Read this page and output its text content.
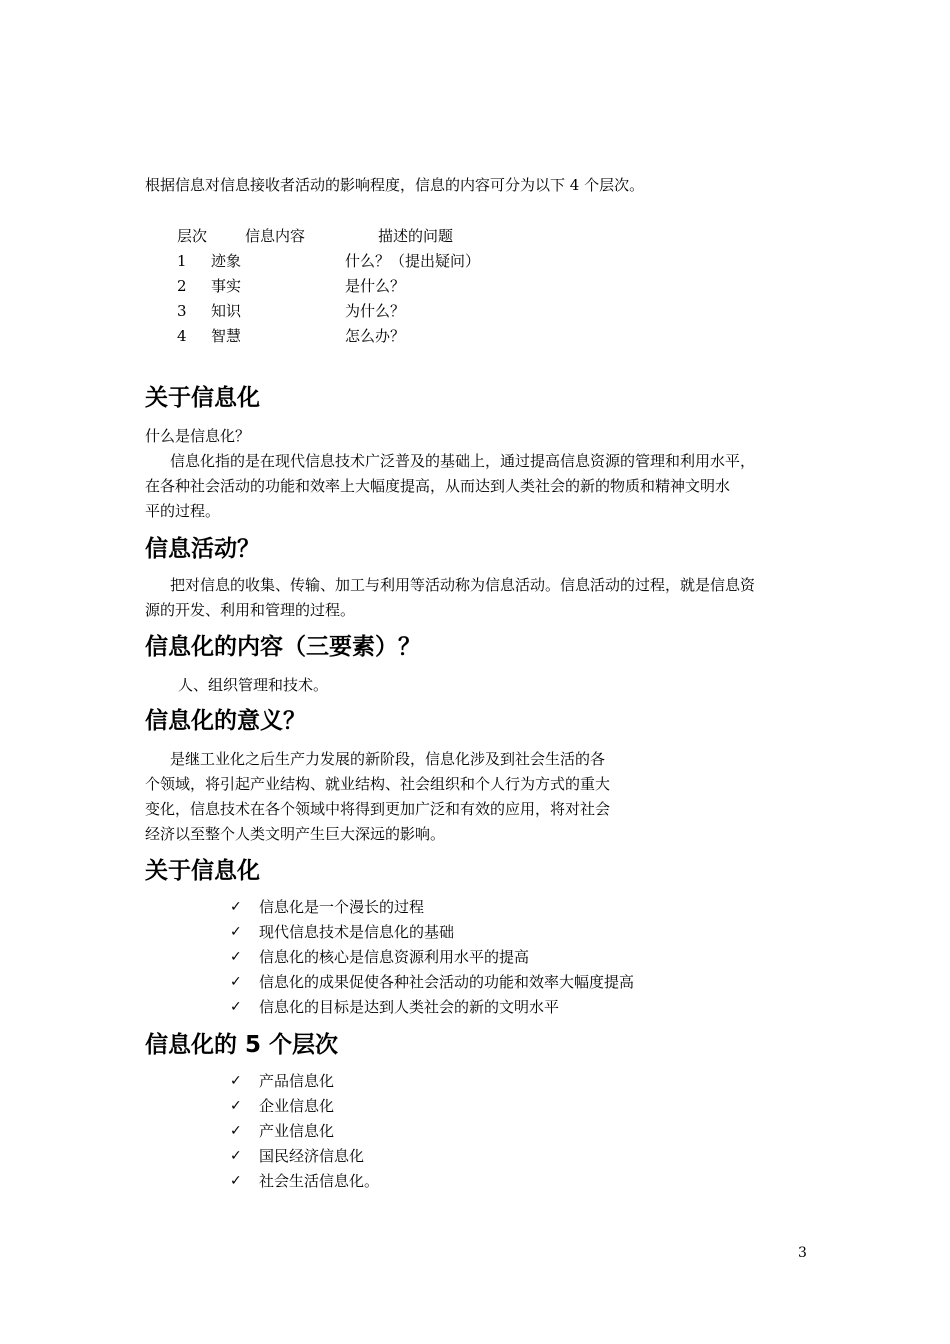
根据信息对信息接收者活动的影响程度，信息的内容可分为以下 4 个层次。
层次	信息内容	描述的问题
1 迹象	什么？（提出疑问）
2 事实	是什么？
3 知识	为什么？
4 智慧	怎么办？
关于信息化
什么是信息化？
信息化指的是在现代信息技术广泛普及的基础上，通过提高信息资源的管理和利用水平，
在各种社会活动的功能和效率上大幅度提高，从而达到人类社会的新的物质和精神文明水
平的过程。
信息活动？
把对信息的收集、传输、加工与利用等活动称为信息活动。信息活动的过程，就是信息资
源的开发、利用和管理的过程。
信息化的内容（三要素）？
人、组织管理和技术。
信息化的意义？
是继工业化之后生产力发展的新阶段，信息化涉及到社会生活的各
个领域，将引起产业结构、就业结构、社会组织和个人行为方式的重大
变化，信息技术在各个领域中将得到更加广泛和有效的应用，将对社会
经济以至整个人类文明产生巨大深远的影响。
关于信息化
✓ 信息化是一个漫长的过程
✓ 现代信息技术是信息化的基础
✓ 信息化的核心是信息资源利用水平的提高
✓ 信息化的成果促使各种社会活动的功能和效率大幅度提高
✓ 信息化的目标是达到人类社会的新的文明水平
信息化的 5 个层次
✓ 产品信息化
✓ 企业信息化
✓ 产业信息化
✓ 国民经济信息化
✓ 社会生活信息化。
3
